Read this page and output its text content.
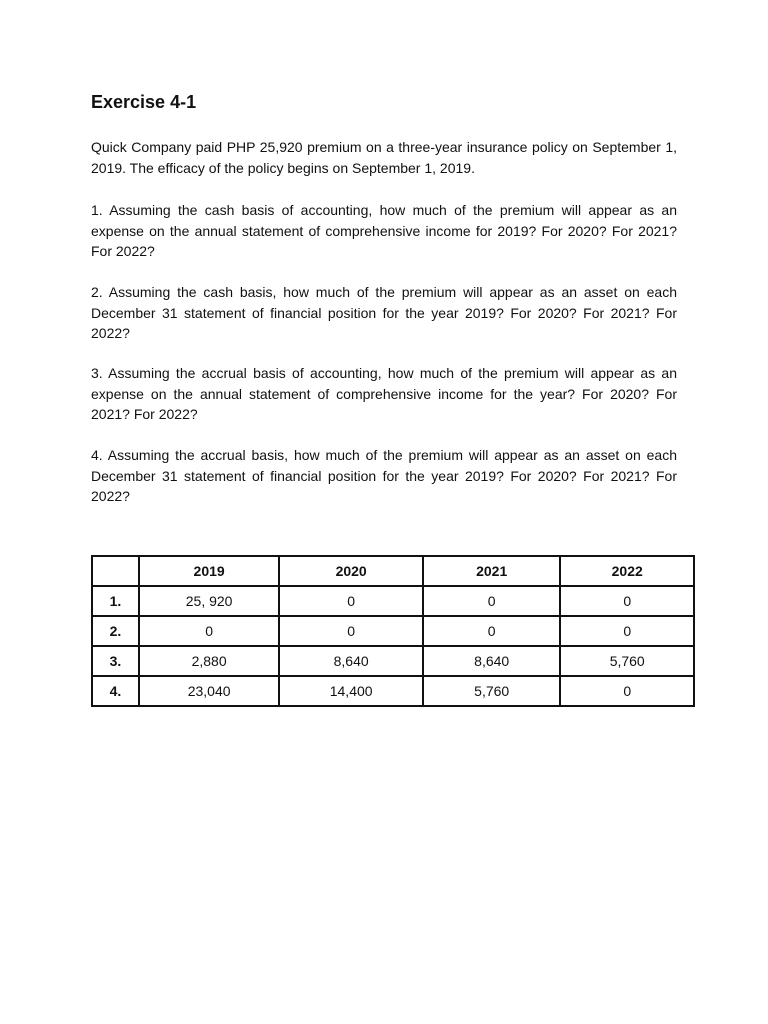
Exercise 4-1

Quick Company paid PHP 25,920 premium on a three-year insurance policy on September 1, 2019. The efficacy of the policy begins on September 1, 2019.

1. Assuming the cash basis of accounting, how much of the premium will appear as an expense on the annual statement of comprehensive income for 2019? For 2020? For 2021? For 2022?

2. Assuming the cash basis, how much of the premium will appear as an asset on each December 31 statement of financial position for the year 2019? For 2020? For 2021? For 2022?

3. Assuming the accrual basis of accounting, how much of the premium will appear as an expense on the annual statement of comprehensive income for the year? For 2020? For 2021? For 2022?

4. Assuming the accrual basis, how much of the premium will appear as an asset on each December 31 statement of financial position for the year 2019? For 2020? For 2021? For 2022?

	2019	2020	2021	2022
1.	25, 920	0	0	0
2.	0	0	0	0
3.	2,880	8,640	8,640	5,760
4.	23,040	14,400	5,760	0
